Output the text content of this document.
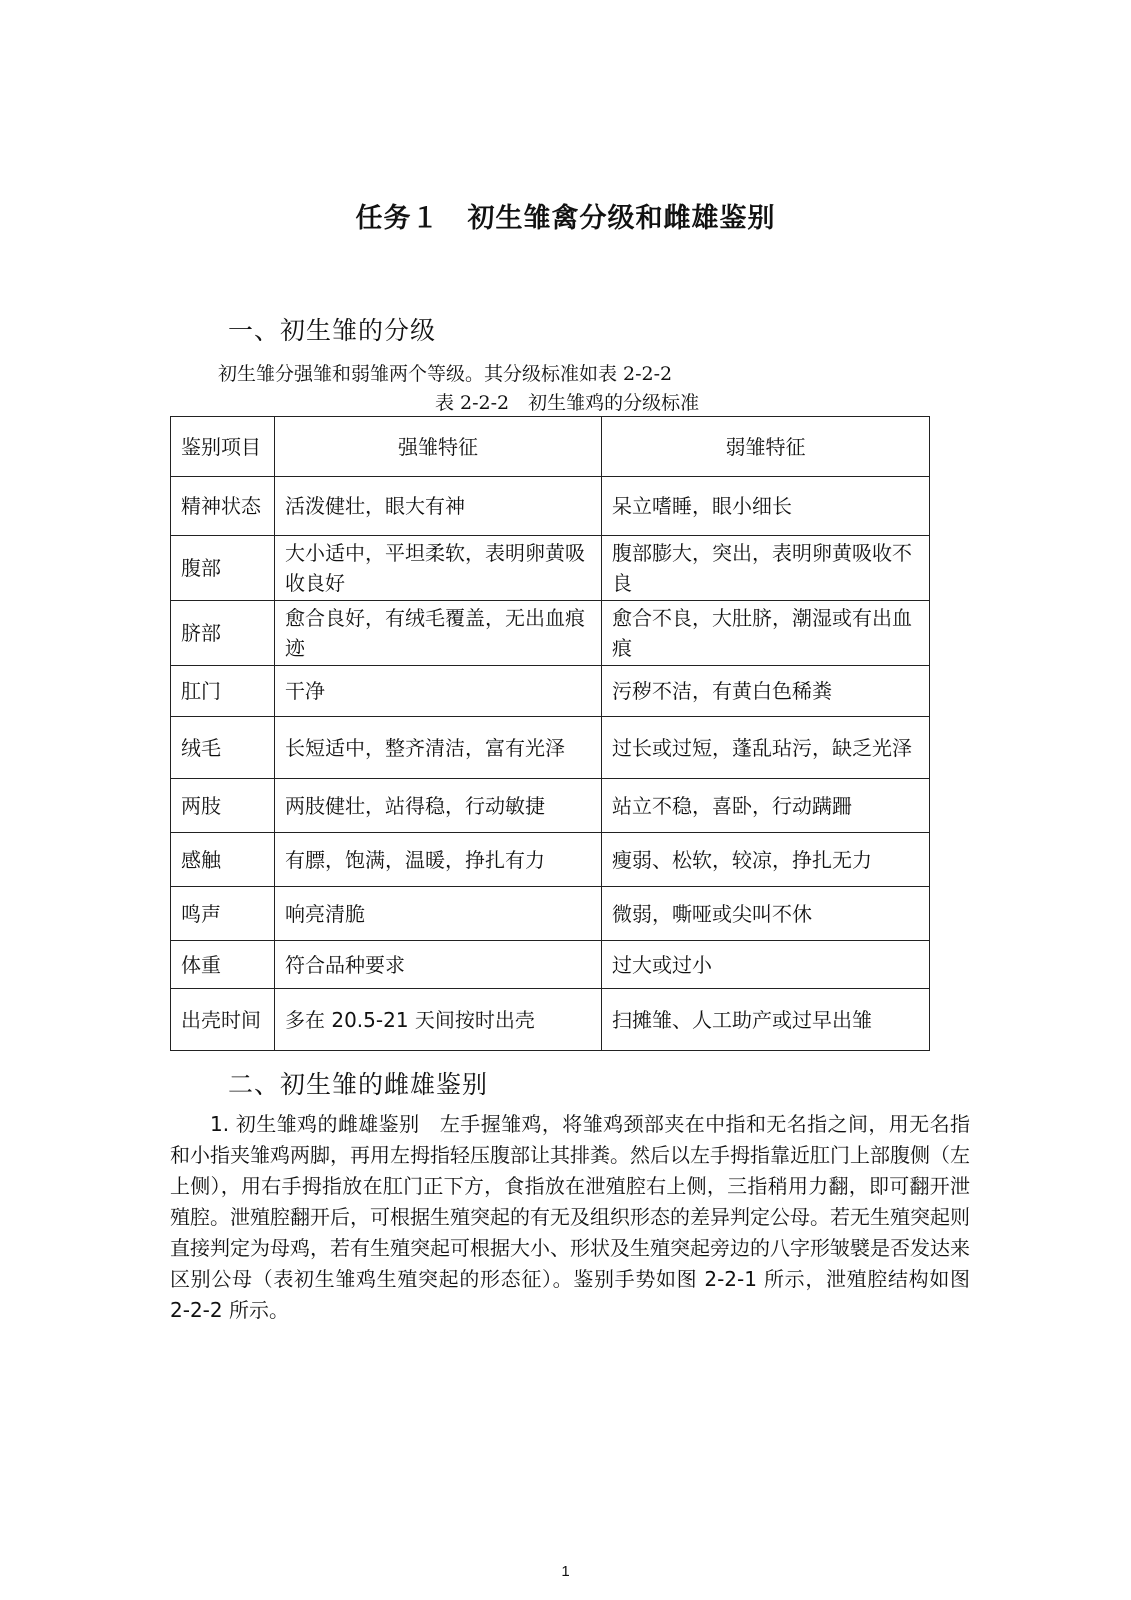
任务１　初生雏禽分级和雌雄鉴别
一、初生雏的分级
初生雏分强雏和弱雏两个等级。其分级标准如表 2-2-2
表 2-2-2　初生雏鸡的分级标准
鉴别项目	强雏特征	弱雏特征
精神状态	活泼健壮，眼大有神	呆立嗜睡，眼小细长
腹部	大小适中，平坦柔软，表明卵黄吸收良好	腹部膨大，突出，表明卵黄吸收不良
脐部	愈合良好，有绒毛覆盖，无出血痕迹	愈合不良，大肚脐，潮湿或有出血痕
肛门	干净	污秽不洁，有黄白色稀粪
绒毛	长短适中，整齐清洁，富有光泽	过长或过短，蓬乱玷污，缺乏光泽
两肢	两肢健壮，站得稳，行动敏捷	站立不稳，喜卧，行动蹒跚
感触	有膘，饱满，温暖，挣扎有力	瘦弱、松软，较凉，挣扎无力
鸣声	响亮清脆	微弱，嘶哑或尖叫不休
体重	符合品种要求	过大或过小
出壳时间	多在 20.5-21 天间按时出壳	扫摊雏、人工助产或过早出雏
二、初生雏的雌雄鉴别
1. 初生雏鸡的雌雄鉴别　左手握雏鸡，将雏鸡颈部夹在中指和无名指之间，用无名指和小指夹雏鸡两脚，再用左拇指轻压腹部让其排粪。然后以左手拇指靠近肛门上部腹侧（左上侧），用右手拇指放在肛门正下方，食指放在泄殖腔右上侧，三指稍用力翻，即可翻开泄殖腔。泄殖腔翻开后，可根据生殖突起的有无及组织形态的差异判定公母。若无生殖突起则直接判定为母鸡，若有生殖突起可根据大小、形状及生殖突起旁边的八字形皱襞是否发达来区别公母（表初生雏鸡生殖突起的形态征）。鉴别手势如图 2-2-1 所示，泄殖腔结构如图 2-2-2 所示。
1
